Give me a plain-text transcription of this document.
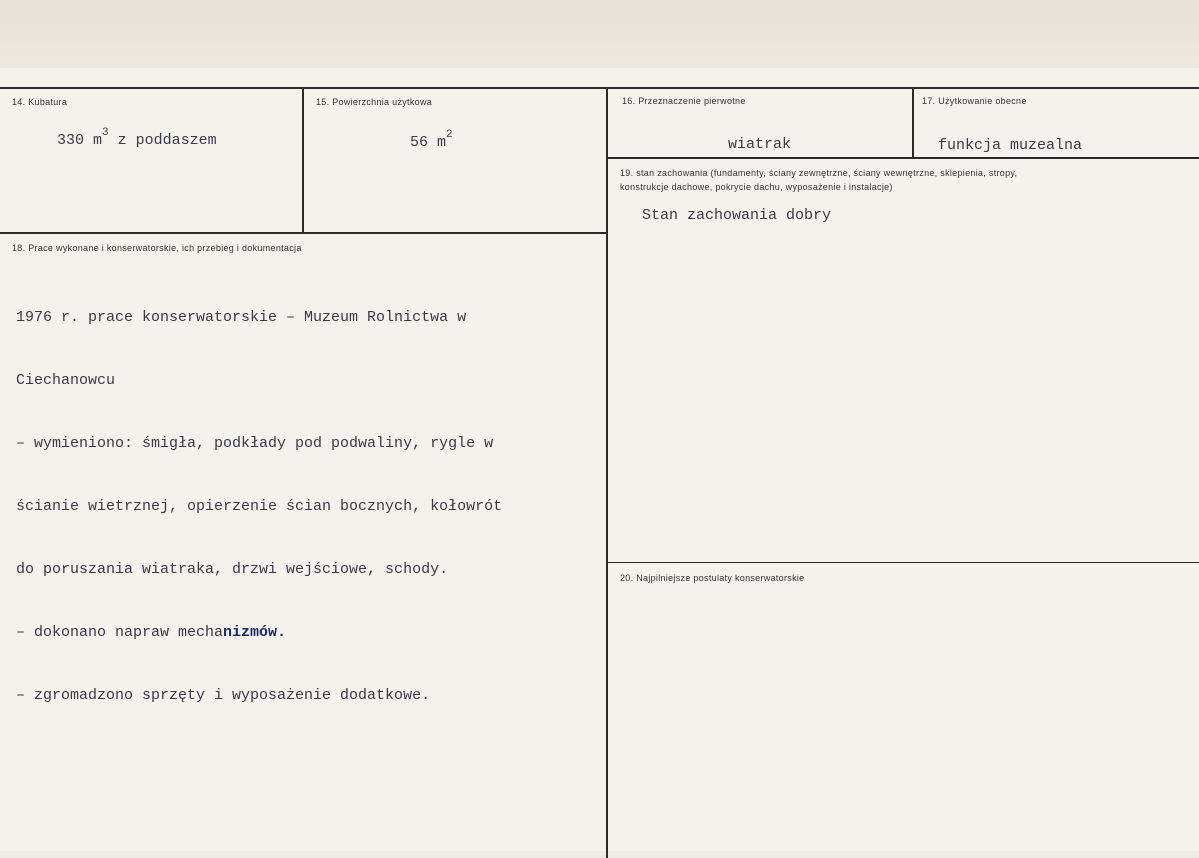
14. Kubatura
330 $m^3$ z poddaszem
15. Powierzchnia użytkowa
56 $m^2$
16. Przeznaczenie pierwotne
wiatrak
17. Użytkowanie obecne
funkcja muzealna
18. Prace wykonane i konserwatorskie, ich przebieg i dokumentacja

1976 r. prace konserwatorskie – Muzeum Rolnictwa w

Ciechanowcu

– wymieniono: śmigła, podkłady pod podwaliny, rygle w

ścianie wietrznej, opierzenie ścian bocznych, kołowrót

do poruszania wiatraka, drzwi wejściowe, schody.

– dokonano napraw mechanizmów.

– zgromadzono sprzęty i wyposażenie dodatkowe.

19. stan zachowania (fundamenty, ściany zewnętrzne, ściany wewnętrzne, sklepienia, stropy,
konstrukcje dachowe, pokrycie dachu, wyposażenie i instalacje)
Stan zachowania dobry
20. Najpilniejsze postulaty konserwatorskie
